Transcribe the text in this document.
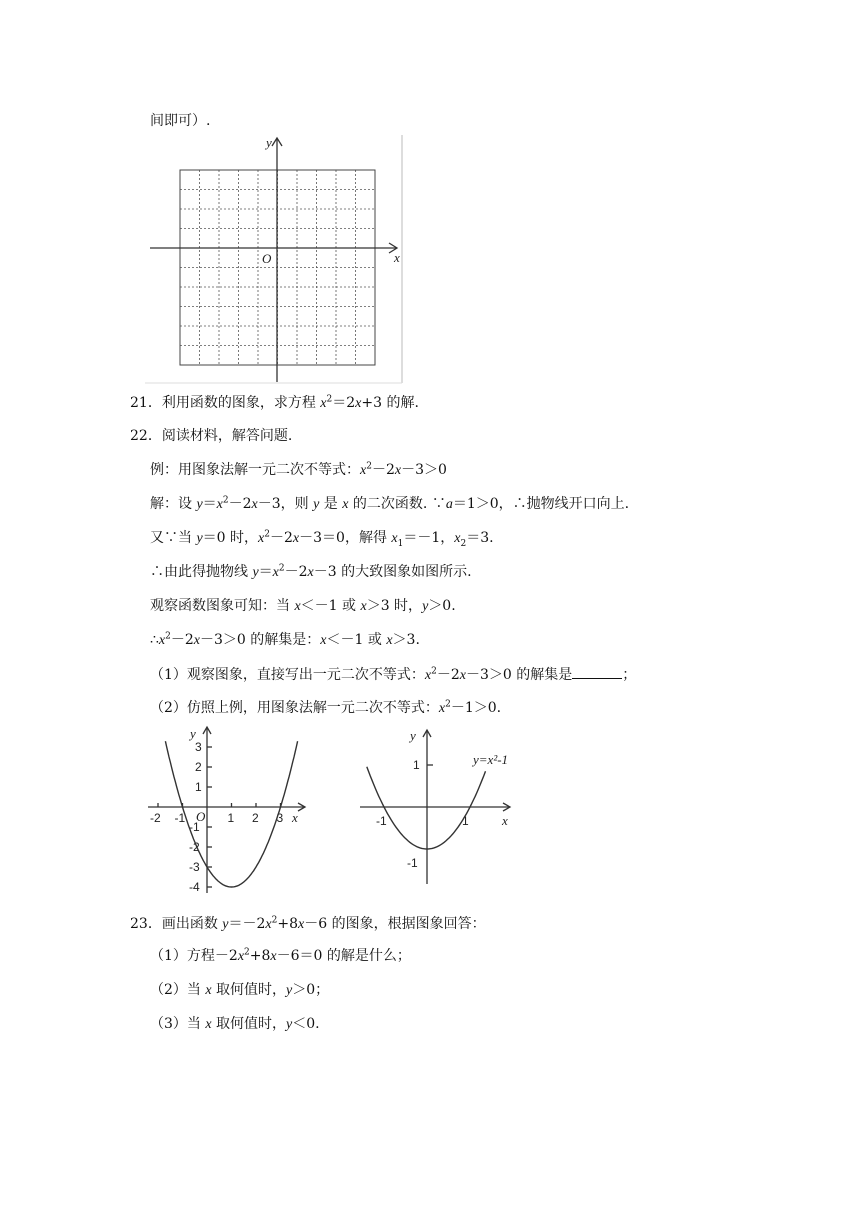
间即可）.
y
x
O
21．利用函数的图象，求方程 $x^2=2x+3$ 的解.
22．阅读材料，解答问题.
例：用图象法解一元二次不等式：$x^2-2x-3>0$
解：设 $y=x^2-2x-3$，则 y 是 x 的二次函数. ∵a＝1＞0，∴抛物线开口向上.
又∵当 y＝0 时，$x^2-2x-3=0$，解得 $x_1=-1$，$x_2=3$.
∴由此得抛物线 $y=x^2-2x-3$ 的大致图象如图所示.
观察函数图象可知：当 x＜－1 或 x＞3 时，y＞0.
$\therefore x^2-2x-3>0$ 的解集是：x＜－1 或 x＞3.
（1）观察图象，直接写出一元二次不等式：$x^2-2x-3>0$ 的解集是	；
（2）仿照上例，用图象法解一元二次不等式：$x^2-1>0$.
-2 -1	1 2 3
3
2
1
-1
-2
-3
-4
y
x
O	-1	1
1
-1
y
x
y=x²-1
23．画出函数 $y=-2x^2+8x-6$ 的图象，根据图象回答：
（1）方程$-2x^2+8x-6=0$ 的解是什么；
（2）当 x 取何值时，y＞0；
（3）当 x 取何值时，y＜0.
